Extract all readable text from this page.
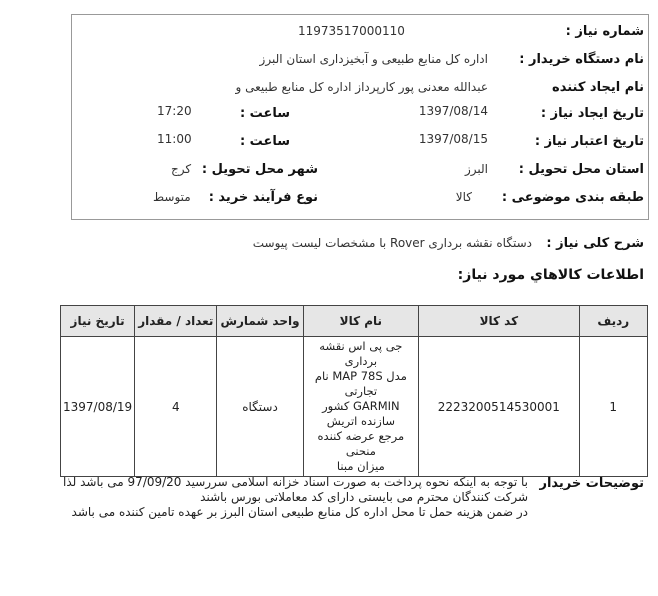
شماره نیاز :
11973517000110
نام دستگاه خریدار :
اداره کل منابع طبیعی و آبخیزداری استان البرز
نام ایجاد کننده
عبدالله معدنی پور کارپرداز اداره کل منابع طبیعی و
تاریخ ایجاد نیاز :
1397/08/14
ساعت :
17:20
تاریخ اعتبار نیاز :
1397/08/15
ساعت :
11:00
استان محل تحویل :
البرز
شهر محل تحویل :
کرج
طبقه بندی موضوعی :
کالا
نوع فرآیند خرید :
متوسط
شرح کلی نیاز :
دستگاه نقشه برداری Rover با مشخصات لیست پیوست
اطلاعات کالاهاي مورد نیاز:
ردیف	کد کالا	نام کالا	واحد شمارش	تعداد / مقدار	تاریخ نیاز
1	2223200514530001	جی پی اس نقشه برداری
مدل MAP 78S نام تجارتی
GARMIN کشور سازنده اتریش
مرجع عرضه کننده منحنی
میزان مبنا	دستگاه	4	1397/08/19
توضیحات خریدار
با توجه به اینکه نحوه پرداخت به صورت اسناد خزانه اسلامی سررسید 97/09/20 می باشد لذا
شرکت کنندگان محترم می بایستی دارای کد معاملاتی بورس باشند
در ضمن هزینه حمل تا محل اداره کل منابع طبیعی استان البرز بر عهده تامین کننده می باشد
